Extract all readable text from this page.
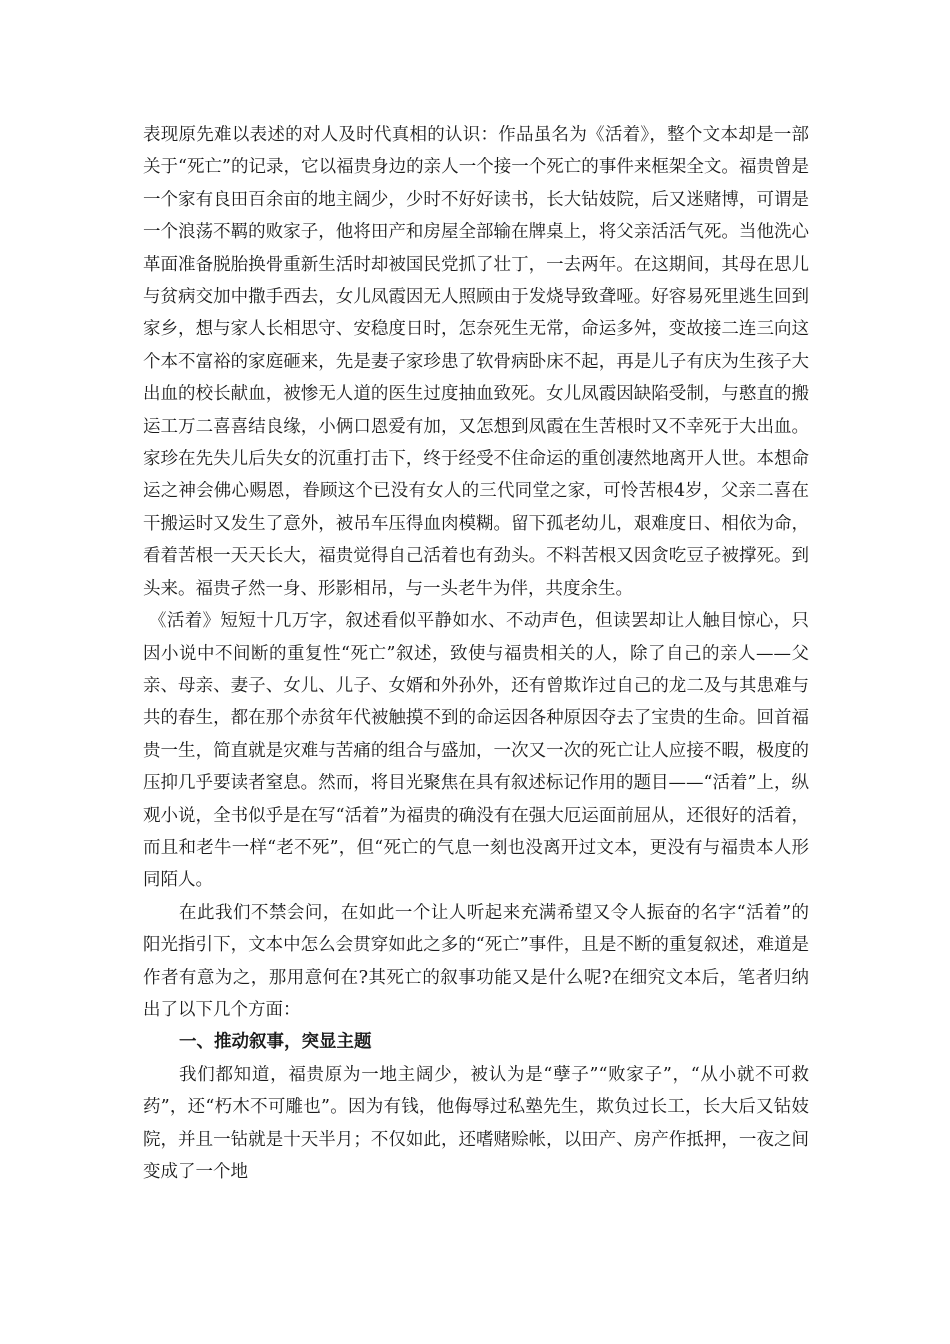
表现原先难以表述的对人及时代真相的认识：作品虽名为《活着》，整个文本却是一部关于“死亡”的记录，它以福贵身边的亲人一个接一个死亡的事件来框架全文。福贵曾是一个家有良田百余亩的地主阔少，少时不好好读书，长大钻妓院，后又迷赌博，可谓是一个浪荡不羁的败家子，他将田产和房屋全部输在牌桌上，将父亲活活气死。当他洗心革面准备脱胎换骨重新生活时却被国民党抓了壮丁，一去两年。在这期间，其母在思儿与贫病交加中撒手西去，女儿凤霞因无人照顾由于发烧导致聋哑。好容易死里逃生回到家乡，想与家人长相思守、安稳度日时，怎奈死生无常，命运多舛，变故接二连三向这个本不富裕的家庭砸来，先是妻子家珍患了软骨病卧床不起，再是儿子有庆为生孩子大出血的校长献血，被惨无人道的医生过度抽血致死。女儿凤霞因缺陷受制，与憨直的搬运工万二喜喜结良缘，小俩口恩爱有加，又怎想到凤霞在生苦根时又不幸死于大出血。家珍在先失儿后失女的沉重打击下，终于经受不住命运的重创凄然地离开人世。本想命运之神会佛心赐恩，眷顾这个已没有女人的三代同堂之家，可怜苦根4岁，父亲二喜在干搬运时又发生了意外，被吊车压得血肉模糊。留下孤老幼儿，艰难度日、相依为命，看着苦根一天天长大，福贵觉得自己活着也有劲头。不料苦根又因贪吃豆子被撑死。到头来。福贵孑然一身、形影相吊，与一头老牛为伴，共度余生。

《活着》短短十几万字，叙述看似平静如水、不动声色，但读罢却让人触目惊心，只因小说中不间断的重复性“死亡”叙述，致使与福贵相关的人，除了自己的亲人——父亲、母亲、妻子、女儿、儿子、女婿和外孙外，还有曾欺诈过自己的龙二及与其患难与共的春生，都在那个赤贫年代被触摸不到的命运因各种原因夺去了宝贵的生命。回首福贵一生，简直就是灾难与苦痛的组合与盛加，一次又一次的死亡让人应接不暇，极度的压抑几乎要读者窒息。然而，将目光聚焦在具有叙述标记作用的题目——“活着”上，纵观小说，全书似乎是在写“活着”为福贵的确没有在强大厄运面前屈从，还很好的活着，而且和老牛一样“老不死”，但“死亡的气息一刻也没离开过文本，更没有与福贵本人形同陌人。

在此我们不禁会问，在如此一个让人听起来充满希望又令人振奋的名字“活着”的阳光指引下，文本中怎么会贯穿如此之多的“死亡”事件，且是不断的重复叙述，难道是作者有意为之，那用意何在?其死亡的叙事功能又是什么呢?在细究文本后，笔者归纳出了以下几个方面：

一、推动叙事，突显主题

我们都知道，福贵原为一地主阔少，被认为是“孽子”“败家子”，“从小就不可救药”，还“朽木不可雕也”。因为有钱，他侮辱过私塾先生，欺负过长工，长大后又钻妓院，并且一钻就是十天半月；不仅如此，还嗜赌赊帐，以田产、房产作抵押，一夜之间变成了一个地
